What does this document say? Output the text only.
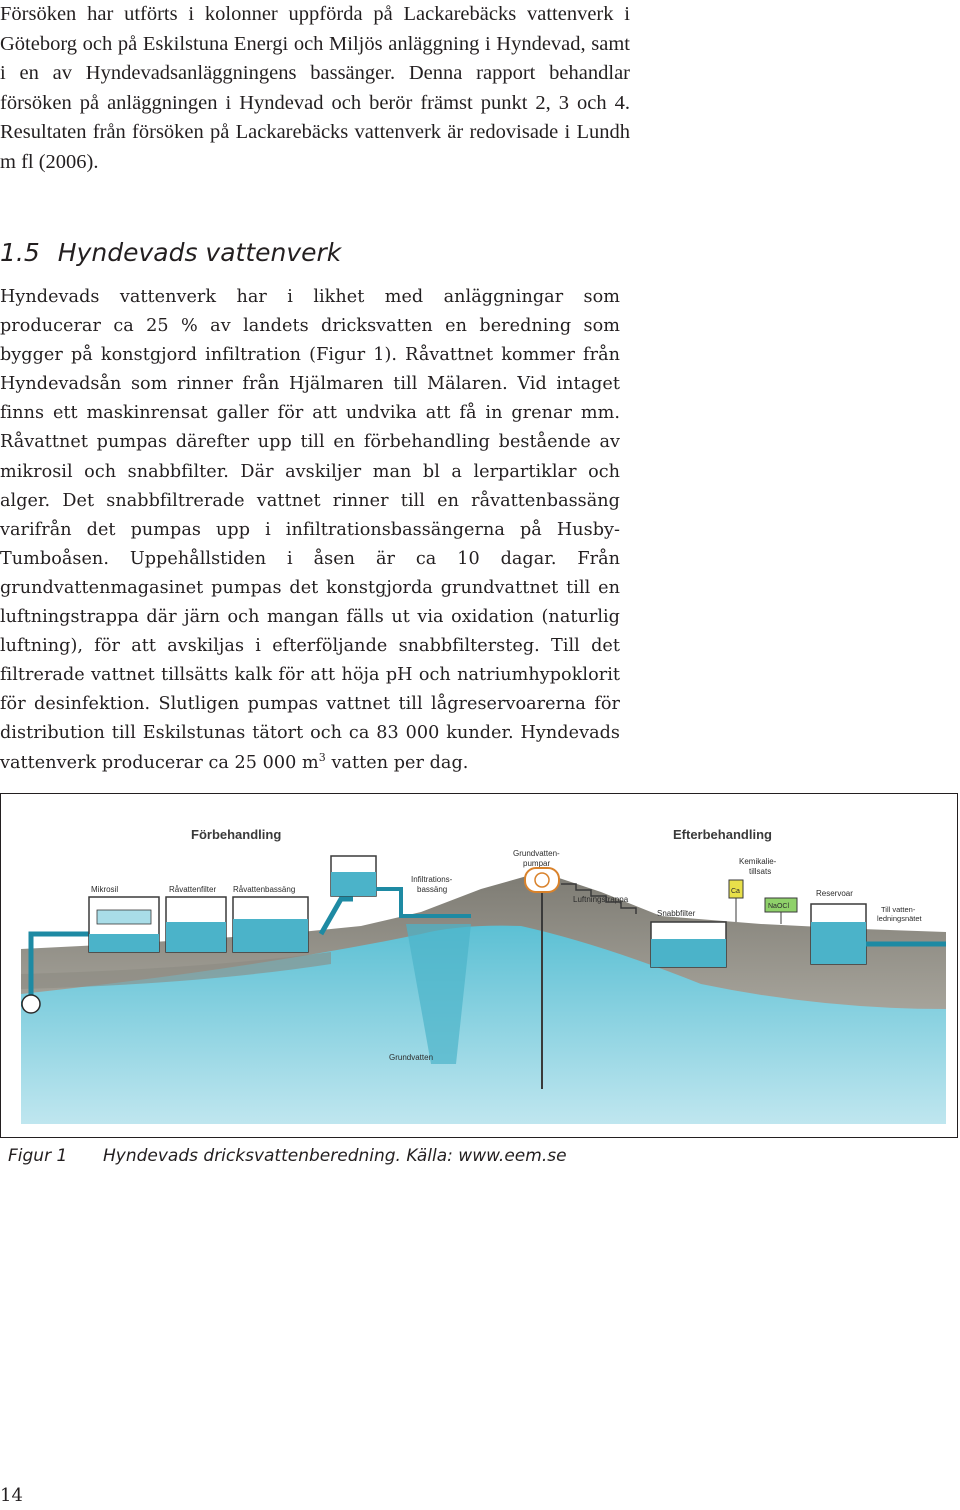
Försöken har utförts i kolonner uppförda på Lackarebäcks vattenverk i Göteborg och på Eskilstuna Energi och Miljös anläggning i Hyndevad, samt i en av Hyndevadsanläggningens bassänger. Denna rapport behandlar försöken på anläggningen i Hyndevad och berör främst punkt 2, 3 och 4. Resultaten från försöken på Lackarebäcks vattenverk är redovisade i Lundh m fl (2006).

1.5 Hyndevads vattenverk

Hyndevads vattenverk har i likhet med anläggningar som producerar ca 25 % av landets dricksvatten en beredning som bygger på konstgjord infiltration (Figur 1). Råvattnet kommer från Hyndevadsån som rinner från Hjälmaren till Mälaren. Vid intaget finns ett maskinrensat galler för att undvika att få in grenar mm. Råvattnet pumpas därefter upp till en förbehandling bestående av mikrosil och snabbfilter. Där avskiljer man bl a lerpartiklar och alger. Det snabbfiltrerade vattnet rinner till en råvattenbassäng varifrån det pumpas upp i infiltrationsbassängerna på Husby-Tumboåsen. Uppehållstiden i åsen är ca 10 dagar. Från grundvattenmagasinet pumpas det konstgjorda grundvattnet till en luftningstrappa där järn och mangan fälls ut via oxidation (naturlig luftning), för att avskiljas i efterföljande snabbfiltersteg. Till det filtrerade vattnet tillsätts kalk för att höja pH och natriumhypoklorit för desinfektion. Slutligen pumpas vattnet till lågreservoarerna för distribution till Eskilstunas tätort och ca 83 000 kunder. Hyndevads vattenverk producerar ca 25 000 $m^3$ vatten per dag.

Förbehandling	Efterbehandling
Mikrosil	Råvattenfilter Råvattenbassäng
Infiltrations-
bassäng
Grundvatten-
pumpar
Luftningstrappa
Snabbfilter
Kemikalie-
tillsats
Reservoar
Till vatten-
ledningsnätet
Grundvatten
Ca
NaOCl
Figur 1 Hyndevads dricksvattenberedning. Källa: www.eem.se
14
